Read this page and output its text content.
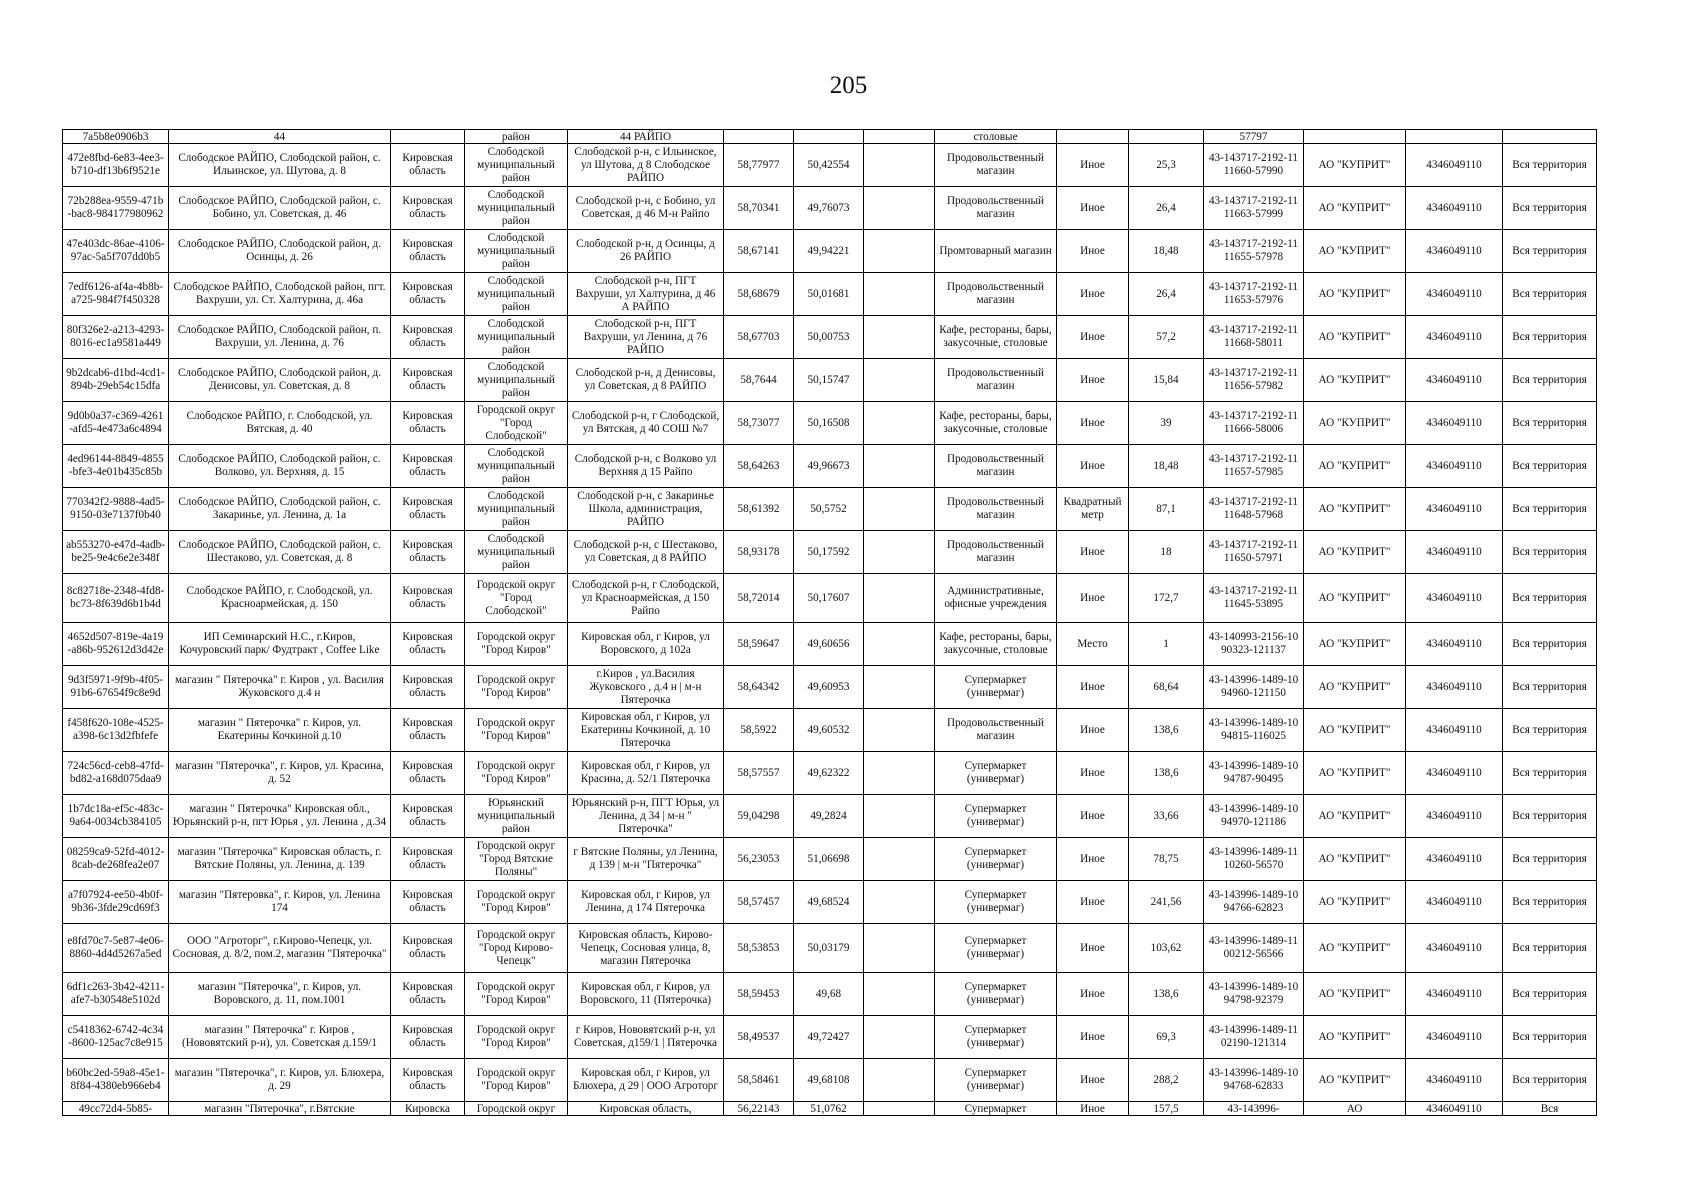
205
7a5b8e0906b3	44		район	44 РАЙПО				столовые			57797			
472e8fbd-6e83-4ee3-b710-df13b6f9521e	Слободское РАЙПО, Слободской район, с. Ильинское, ул. Шутова, д. 8	Кировская область	Слободской муниципальный район	Слободской р-н, с Ильинское, ул Шутова, д 8 Слободское РАЙПО	58,77977	50,42554		Продовольственный магазин	Иное	25,3	43-143717-2192-1111660-57990	АО "КУПРИТ"	4346049110	Вся территория
72b288ea-9559-471b-bac8-984177980962	Слободское РАЙПО, Слободской район, с. Бобино, ул. Советская, д. 46	Кировская область	Слободской муниципальный район	Слободской р-н, с Бобино, ул Советская, д 46 М-н Райпо	58,70341	49,76073		Продовольственный магазин	Иное	26,4	43-143717-2192-1111663-57999	АО "КУПРИТ"	4346049110	Вся территория
47e403dc-86ae-4106-97ac-5a5f707dd0b5	Слободское РАЙПО, Слободской район, д. Осинцы, д. 26	Кировская область	Слободской муниципальный район	Слободской р-н, д Осинцы, д 26 РАЙПО	58,67141	49,94221		Промтоварный магазин	Иное	18,48	43-143717-2192-1111655-57978	АО "КУПРИТ"	4346049110	Вся территория
7edf6126-af4a-4b8b-a725-984f7f450328	Слободское РАЙПО, Слободской район, пгт. Вахруши, ул. Ст. Халтурина, д. 46а	Кировская область	Слободской муниципальный район	Слободской р-н, ПГТ Вахруши, ул Халтурина, д 46 А РАЙПО	58,68679	50,01681		Продовольственный магазин	Иное	26,4	43-143717-2192-1111653-57976	АО "КУПРИТ"	4346049110	Вся территория
80f326e2-a213-4293-8016-ec1a9581a449	Слободское РАЙПО, Слободской район, п. Вахруши, ул. Ленина, д. 76	Кировская область	Слободской муниципальный район	Слободской р-н, ПГТ Вахруши, ул Ленина, д 76 РАЙПО	58,67703	50,00753		Кафе, рестораны, бары, закусочные, столовые	Иное	57,2	43-143717-2192-1111668-58011	АО "КУПРИТ"	4346049110	Вся территория
9b2dcab6-d1bd-4cd1-894b-29eb54c15dfa	Слободское РАЙПО, Слободской район, д. Денисовы, ул. Советская, д. 8	Кировская область	Слободской муниципальный район	Слободской р-н, д Денисовы, ул Советская, д 8 РАЙПО	58,7644	50,15747		Продовольственный магазин	Иное	15,84	43-143717-2192-1111656-57982	АО "КУПРИТ"	4346049110	Вся территория
9d0b0a37-c369-4261-afd5-4e473a6c4894	Слободское РАЙПО, г. Слободской, ул. Вятская, д. 40	Кировская область	Городской округ "Город Слободской"	Слободской р-н, г Слободской, ул Вятская, д 40 СОШ №7	58,73077	50,16508		Кафе, рестораны, бары, закусочные, столовые	Иное	39	43-143717-2192-1111666-58006	АО "КУПРИТ"	4346049110	Вся территория
4ed96144-8849-4855-bfe3-4e01b435c85b	Слободское РАЙПО, Слободской район, с. Волково, ул. Верхняя, д. 15	Кировская область	Слободской муниципальный район	Слободской р-н, с Волково ул Верхняя д 15 Райпо	58,64263	49,96673		Продовольственный магазин	Иное	18,48	43-143717-2192-1111657-57985	АО "КУПРИТ"	4346049110	Вся территория
770342f2-9888-4ad5-9150-03e7137f0b40	Слободское РАЙПО, Слободской район, с. Закаринье, ул. Ленина, д. 1а	Кировская область	Слободской муниципальный район	Слободской р-н, с Закаринье Школа, администрация, РАЙПО	58,61392	50,5752		Продовольственный магазин	Квадратный метр	87,1	43-143717-2192-1111648-57968	АО "КУПРИТ"	4346049110	Вся территория
ab553270-e47d-4adb-be25-9e4c6e2e348f	Слободское РАЙПО, Слободской район, с. Шестаково, ул. Советская, д. 8	Кировская область	Слободской муниципальный район	Слободской р-н, с Шестаково, ул Советская, д 8 РАЙПО	58,93178	50,17592		Продовольственный магазин	Иное	18	43-143717-2192-1111650-57971	АО "КУПРИТ"	4346049110	Вся территория
8c82718e-2348-4fd8-bc73-8f639d6b1b4d	Слободское РАЙПО, г. Слободской, ул. Красноармейская, д. 150	Кировская область	Городской округ "Город Слободской"	Слободской р-н, г Слободской, ул Красноармейская, д 150 Райпо	58,72014	50,17607		Административные, офисные учреждения	Иное	172,7	43-143717-2192-1111645-53895	АО "КУПРИТ"	4346049110	Вся территория
4652d507-819e-4a19-a86b-952612d3d42e	ИП Семинарский Н.С., г.Киров, Кочуровский парк/ Фудтракт , Coffee Like	Кировская область	Городской округ "Город Киров"	Кировская обл, г Киров, ул Воровского, д 102а	58,59647	49,60656		Кафе, рестораны, бары, закусочные, столовые	Место	1	43-140993-2156-1090323-121137	АО "КУПРИТ"	4346049110	Вся территория
9d3f5971-9f9b-4f05-91b6-67654f9c8e9d	магазин " Пятерочка" г. Киров , ул. Василия Жуковского д.4 н	Кировская область	Городской округ "Город Киров"	г.Киров , ул.Василия Жуковского , д.4 н | м-н Пятерочка	58,64342	49,60953		Супермаркет (универмаг)	Иное	68,64	43-143996-1489-1094960-121150	АО "КУПРИТ"	4346049110	Вся территория
f458f620-108e-4525-a398-6c13d2fbfefe	магазин " Пятерочка" г. Киров, ул. Екатерины Кочкиной д.10	Кировская область	Городской округ "Город Киров"	Кировская обл, г Киров, ул Екатерины Кочкиной, д. 10 Пятерочка	58,5922	49,60532		Продовольственный магазин	Иное	138,6	43-143996-1489-1094815-116025	АО "КУПРИТ"	4346049110	Вся территория
724c56cd-ceb8-47fd-bd82-a168d075daa9	магазин "Пятерочка", г. Киров, ул. Красина, д. 52	Кировская область	Городской округ "Город Киров"	Кировская обл, г Киров, ул Красина, д. 52/1 Пятерочка	58,57557	49,62322		Супермаркет (универмаг)	Иное	138,6	43-143996-1489-1094787-90495	АО "КУПРИТ"	4346049110	Вся территория
1b7dc18a-ef5c-483c-9a64-0034cb384105	магазин " Пятерочка" Кировская обл., Юрьянский р-н, пгт Юрья , ул. Ленина , д.34	Кировская область	Юрьянский муниципальный район	Юрьянский р-н, ПГТ Юрья, ул Ленина, д 34 | м-н " Пятерочка"	59,04298	49,2824		Супермаркет (универмаг)	Иное	33,66	43-143996-1489-1094970-121186	АО "КУПРИТ"	4346049110	Вся территория
08259ca9-52fd-4012-8cab-de268fea2e07	магазин "Пятерочка" Кировская область, г. Вятские Поляны, ул. Ленина, д. 139	Кировская область	Городской округ "Город Вятские Поляны"	г Вятские Поляны, ул Ленина, д 139 | м-н "Пятерочка"	56,23053	51,06698		Супермаркет (универмаг)	Иное	78,75	43-143996-1489-1110260-56570	АО "КУПРИТ"	4346049110	Вся территория
a7f07924-ee50-4b0f-9b36-3fde29cd69f3	магазин "Пятеровка", г. Киров, ул. Ленина 174	Кировская область	Городской округ "Город Киров"	Кировская обл, г Киров, ул Ленина, д 174 Пятерочка	58,57457	49,68524		Супермаркет (универмаг)	Иное	241,56	43-143996-1489-1094766-62823	АО "КУПРИТ"	4346049110	Вся территория
e8fd70c7-5e87-4e06-8860-4d4d5267a5ed	ООО "Агроторг", г.Кирово-Чепецк, ул. Сосновая, д. 8/2, пом.2, магазин "Пятерочка"	Кировская область	Городской округ "Город Кирово-Чепецк"	Кировская область, Кирово-Чепецк, Сосновая улица, 8, магазин Пятерочка	58,53853	50,03179		Супермаркет (универмаг)	Иное	103,62	43-143996-1489-1100212-56566	АО "КУПРИТ"	4346049110	Вся территория
6df1c263-3b42-4211-afe7-b30548e5102d	магазин "Пятерочка", г. Киров, ул. Воровского, д. 11, пом.1001	Кировская область	Городской округ "Город Киров"	Кировская обл, г Киров, ул Воровского, 11 (Пятерочка)	58,59453	49,68		Супермаркет (универмаг)	Иное	138,6	43-143996-1489-1094798-92379	АО "КУПРИТ"	4346049110	Вся территория
c5418362-6742-4c34-8600-125ac7c8e915	магазин " Пятерочка" г. Киров , (Нововятский р-н), ул. Советская д.159/1	Кировская область	Городской округ "Город Киров"	г Киров, Нововятский р-н, ул Советская, д159/1 | Пятерочка	58,49537	49,72427		Супермаркет (универмаг)	Иное	69,3	43-143996-1489-1102190-121314	АО "КУПРИТ"	4346049110	Вся территория
b60bc2ed-59a8-45e1-8f84-4380eb966eb4	магазин "Пятерочка", г. Киров, ул. Блюхера, д. 29	Кировская область	Городской округ "Город Киров"	Кировская обл, г Киров, ул Блюхера, д 29 | ООО Агроторг	58,58461	49,68108		Супермаркет (универмаг)	Иное	288,2	43-143996-1489-1094768-62833	АО "КУПРИТ"	4346049110	Вся территория
49cc72d4-5b85-	магазин "Пятерочка", г.Вятские	Кировска	Городской округ	Кировская область,	56,22143	51,0762		Супермаркет	Иное	157,5	43-143996-	АО	4346049110	Вся
